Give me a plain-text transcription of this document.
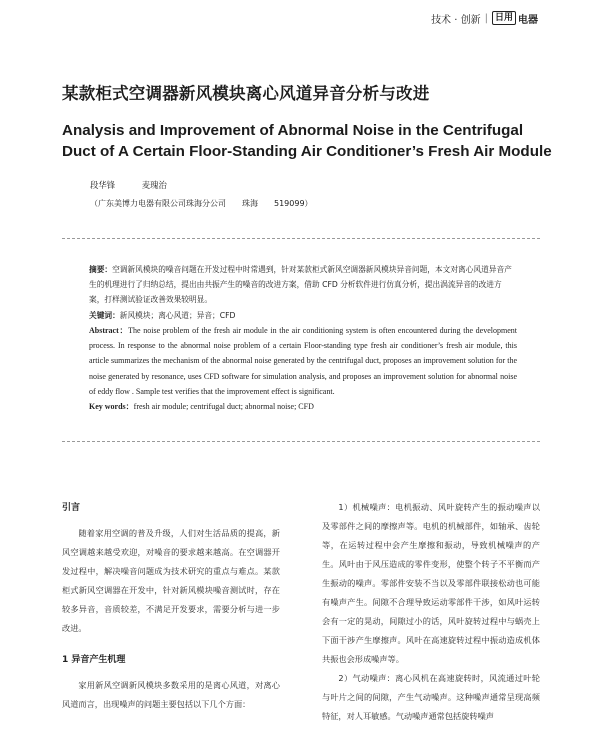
技术 · 创新 | 日用 电器
某款柜式空调器新风模块离心风道异音分析与改进
Analysis and Improvement of Abnormal Noise in the Centrifugal Duct of A Certain Floor-Standing Air Conditioner’s Fresh Air Module
段华锋	麦瑰治
（广东美博力电器有限公司珠海分公司　　珠海　　519099）

摘要：空调新风模块的噪音问题在开发过程中时常遇到，针对某款柜式新风空调器新风模块异音问题，本文对离心风道异音产生的机理进行了归纳总结，提出由共振产生的噪音的改进方案，借助 CFD 分析软件进行仿真分析，提出涡流异音的改进方案，打样测试验证改善效果较明显。

关键词：新风模块；离心风道；异音；CFD

Abstract：The noise problem of the fresh air module in the air conditioning system is often encountered during the development process. In response to the abnormal noise problem of a certain Floor-standing type fresh air conditioner’s fresh air module, this article summarizes the mechanism of the abnormal noise generated by the centrifugal duct, proposes an improvement solution for the noise generated by resonance, uses CFD software for simulation analysis, and proposes an improvement solution for abnormal noise of eddy flow . Sample test verifies that the improvement effect is significant.

Key words：fresh air module; centrifugal duct; abnormal noise; CFD

引言

随着家用空调的普及升级，人们对生活品质的提高，新风空调越来越受欢迎，对噪音的要求越来越高。在空调器开发过程中，解决噪音问题成为技术研究的重点与难点。某款柜式新风空调器在开发中，针对新风模块噪音测试时，存在较多异音，音质较差，不满足开发要求，需要分析与进一步改进。

1 异音产生机理

家用新风空调新风模块多数采用的是离心风道，对离心风道而言，出现噪声的问题主要包括以下几个方面：

1）机械噪声：电机振动、风叶旋转产生的振动噪声以及零部件之间的摩擦声等。电机的机械部件，如轴承、齿轮等，在运转过程中会产生摩擦和振动，导致机械噪声的产生。风叶由于风压造成的零件变形，使整个转子不平衡而产生振动的噪声。零部件安装不当以及零部件联接松动也可能有噪声产生。间隙不合理导致运动零部件干涉，如风叶运转会有一定的晃动，间隙过小的话，风叶旋转过程中与蜗壳上下面干涉产生摩擦声。风叶在高速旋转过程中振动造成机体共振也会形成噪声等。

2）气动噪声：离心风机在高速旋转时，风流通过叶轮与叶片之间的间隙，产生气动噪声。这种噪声通常呈现高频特征，对人耳敏感。气动噪声通常包括旋转噪声
